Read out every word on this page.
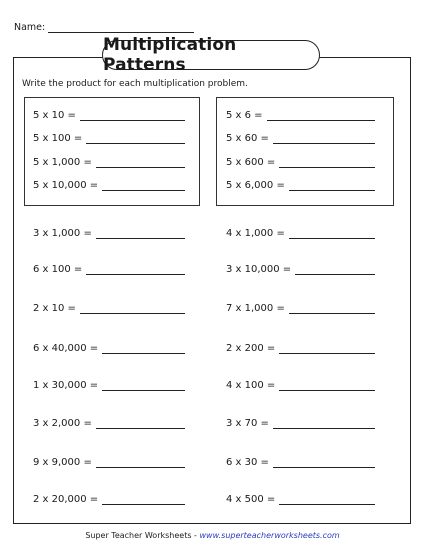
Name:
Multiplication Patterns
Write the product for each multiplication problem.
5 x 10 =
5 x 100 =
5 x 1,000 =
5 x 10,000 =
5 x 6 =
5 x 60 =
5 x 600 =
5 x 6,000 =
3 x 1,000 =
6 x 100 =
2 x 10 =
6 x 40,000 =
1 x 30,000 =
3 x 2,000 =
9 x 9,000 =
2 x 20,000 =
4 x 1,000 =
3 x 10,000 =
7 x 1,000 =
2 x 200 =
4 x 100 =
3 x 70 =
6 x 30 =
4 x 500 =
Super Teacher Worksheets - www.superteacherworksheets.com
